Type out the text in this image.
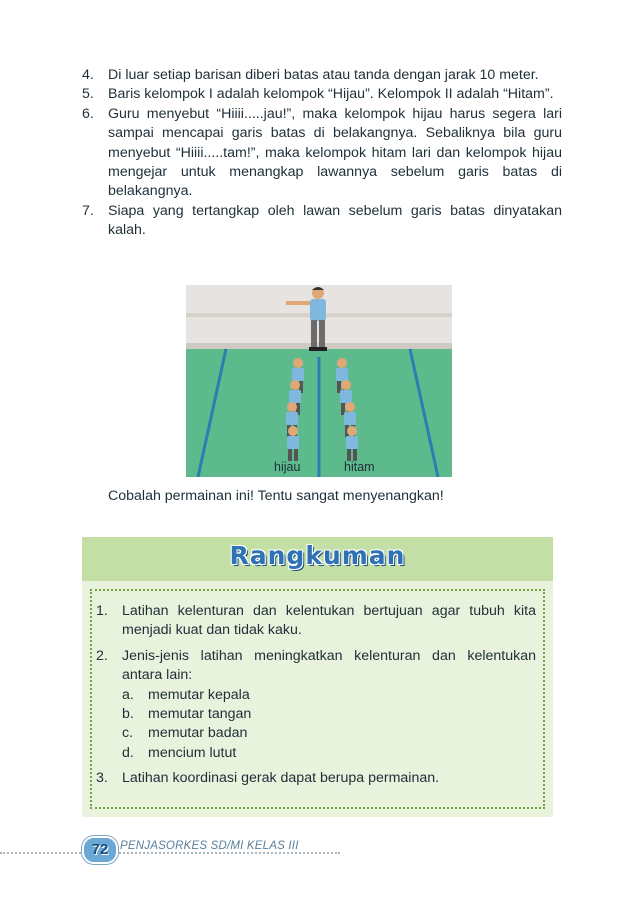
4. Di luar setiap barisan diberi batas atau tanda dengan jarak 10 meter.
5. Baris kelompok I adalah kelompok “Hijau”. Kelompok II adalah “Hitam”.
6. Guru menyebut “Hiiii.....jau!”, maka kelompok hijau harus segera lari sampai mencapai garis batas di belakangnya. Sebaliknya bila guru menyebut “Hiiii.....tam!”, maka kelompok hitam lari dan kelompok hijau mengejar untuk menangkap lawannya sebelum garis batas di belakangnya.
7. Siapa yang tertangkap oleh lawan sebelum garis batas dinyatakan kalah.
hijau	hitam
Cobalah permainan ini! Tentu sangat menyenangkan!
Rangkuman
1. Latihan kelenturan dan kelentukan bertujuan agar tubuh kita menjadi kuat dan tidak kaku.
2. Jenis-jenis latihan meningkatkan kelenturan dan kelentukan antara lain:
a. memutar kepala
b. memutar tangan
c. memutar badan
d. mencium lutut
3. Latihan koordinasi gerak dapat berupa permainan.
72	PENJASORKES SD/MI KELAS III
